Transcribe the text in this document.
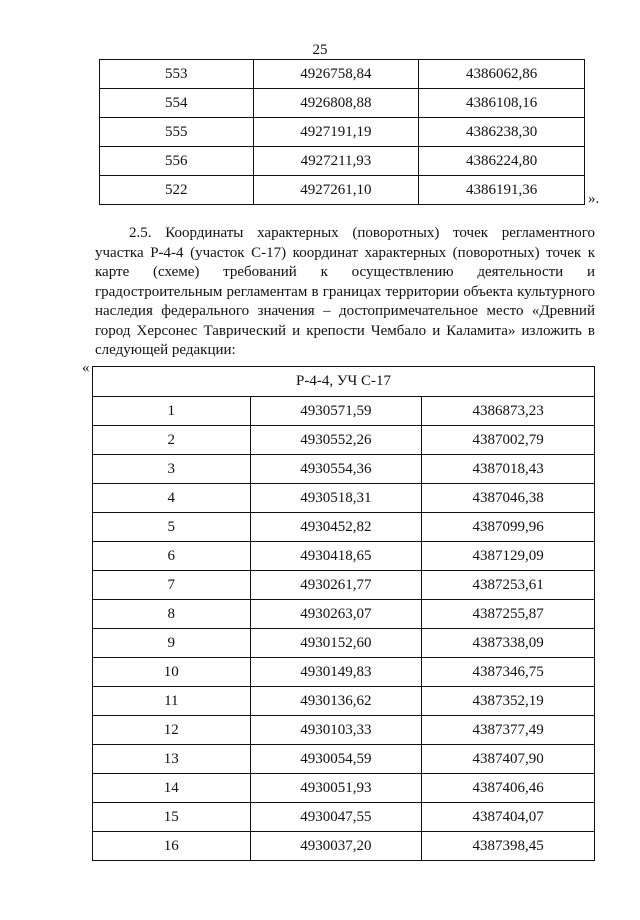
25
553	4926758,84	4386062,86
554	4926808,88	4386108,16
555	4927191,19	4386238,30
556	4927211,93	4386224,80
522	4927261,10	4386191,36
».

2.5. Координаты характерных (поворотных) точек регламентного участка Р-4-4 (участок С-17) координат характерных (поворотных) точек к карте (схеме) требований к осуществлению деятельности и градостроительным регламентам в границах территории объекта культурного наследия федерального значения – достопримечательное место «Древний город Херсонес Таврический и крепости Чембало и Каламита» изложить в следующей редакции:

«
Р-4-4, УЧ С-17		
1	4930571,59	4386873,23
2	4930552,26	4387002,79
3	4930554,36	4387018,43
4	4930518,31	4387046,38
5	4930452,82	4387099,96
6	4930418,65	4387129,09
7	4930261,77	4387253,61
8	4930263,07	4387255,87
9	4930152,60	4387338,09
10	4930149,83	4387346,75
11	4930136,62	4387352,19
12	4930103,33	4387377,49
13	4930054,59	4387407,90
14	4930051,93	4387406,46
15	4930047,55	4387404,07
16	4930037,20	4387398,45
